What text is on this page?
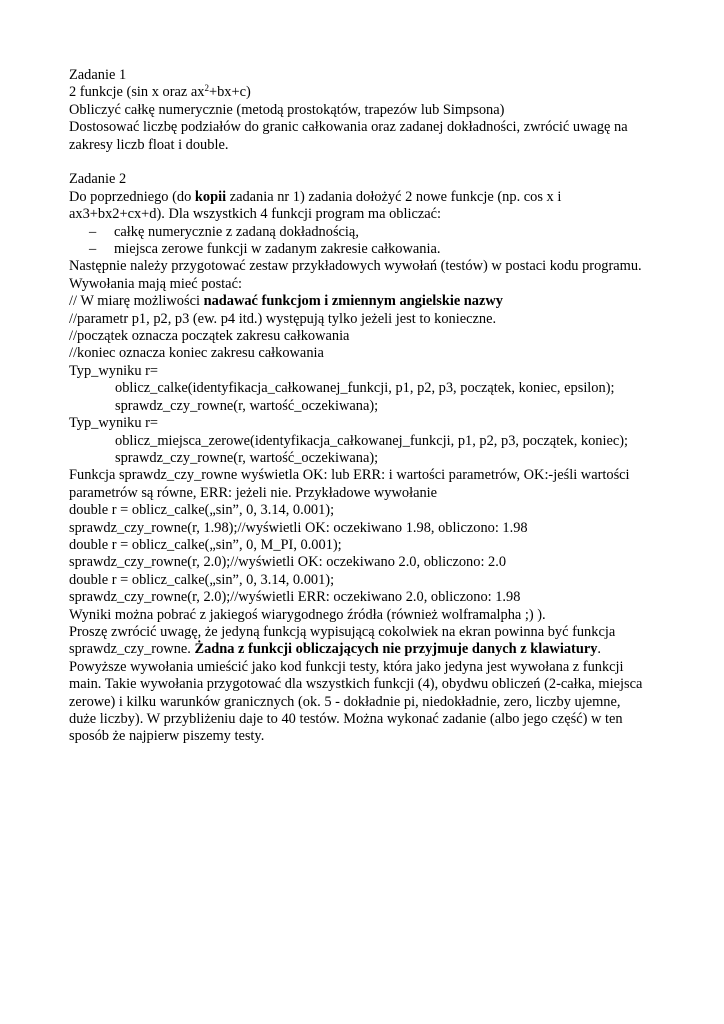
Zadanie 1
2 funkcje (sin x oraz $ax^2+bx+c$)
Obliczyć całkę numerycznie (metodą prostokątów, trapezów lub Simpsona)
Dostosować liczbę podziałów do granic całkowania oraz zadanej dokładności, zwrócić uwagę na
zakresy liczb float i double.
Zadanie 2
Do poprzedniego (do kopii zadania nr 1) zadania dołożyć 2 nowe funkcje (np. cos x i
ax3+bx2+cx+d). Dla wszystkich 4 funkcji program ma obliczać:
– całkę numerycznie z zadaną dokładnością,
– miejsca zerowe funkcji w zadanym zakresie całkowania.
Następnie należy przygotować zestaw przykładowych wywołań (testów) w postaci kodu programu.
Wywołania mają mieć postać:
// W miarę możliwości nadawać funkcjom i zmiennym angielskie nazwy
//parametr p1, p2, p3 (ew. p4 itd.) występują tylko jeżeli jest to konieczne.
//początek oznacza początek zakresu całkowania
//koniec oznacza koniec zakresu całkowania
Typ_wyniku r=
oblicz_calke(identyfikacja_całkowanej_funkcji, p1, p2, p3, początek, koniec, epsilon);
sprawdz_czy_rowne(r, wartość_oczekiwana);
Typ_wyniku r=
oblicz_miejsca_zerowe(identyfikacja_całkowanej_funkcji, p1, p2, p3, początek, koniec);
sprawdz_czy_rowne(r, wartość_oczekiwana);
Funkcja sprawdz_czy_rowne wyświetla OK: lub ERR: i wartości parametrów, OK:-jeśli wartości
parametrów są równe, ERR: jeżeli nie. Przykładowe wywołanie
double r = oblicz_calke(„sin”, 0, 3.14, 0.001);
sprawdz_czy_rowne(r, 1.98);//wyświetli OK: oczekiwano 1.98, obliczono: 1.98
double r = oblicz_calke(„sin”, 0, M_PI, 0.001);
sprawdz_czy_rowne(r, 2.0);//wyświetli OK: oczekiwano 2.0, obliczono: 2.0
double r = oblicz_calke(„sin”, 0, 3.14, 0.001);
sprawdz_czy_rowne(r, 2.0);//wyświetli ERR: oczekiwano 2.0, obliczono: 1.98
Wyniki można pobrać z jakiegoś wiarygodnego źródła (również wolframalpha ;) ).
Proszę zwrócić uwagę, że jedyną funkcją wypisującą cokolwiek na ekran powinna być funkcja
sprawdz_czy_rowne. Żadna z funkcji obliczających nie przyjmuje danych z klawiatury.
Powyższe wywołania umieścić jako kod funkcji testy, która jako jedyna jest wywołana z funkcji
main. Takie wywołania przygotować dla wszystkich funkcji (4), obydwu obliczeń (2-całka, miejsca
zerowe) i kilku warunków granicznych (ok. 5 - dokładnie pi, niedokładnie, zero, liczby ujemne,
duże liczby). W przybliżeniu daje to 40 testów. Można wykonać zadanie (albo jego część) w ten
sposób że najpierw piszemy testy.
